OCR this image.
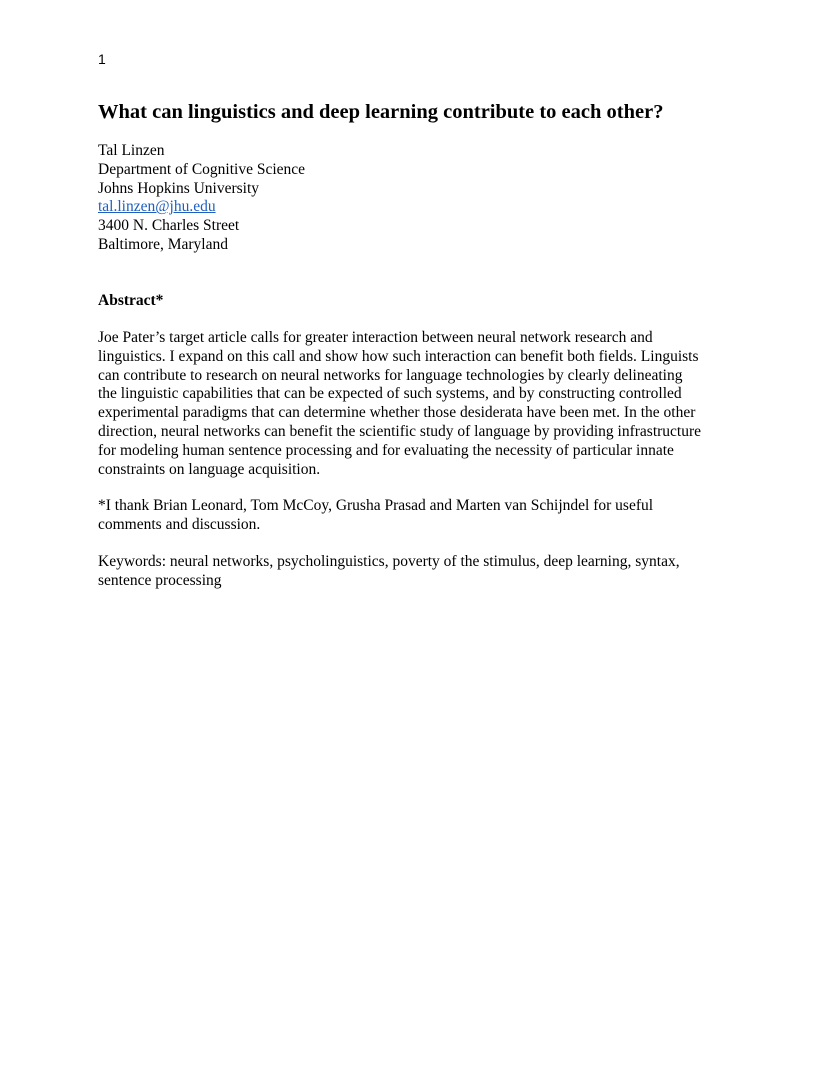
1
What can linguistics and deep learning contribute to each other?
Tal Linzen
Department of Cognitive Science
Johns Hopkins University
tal.linzen@jhu.edu
3400 N. Charles Street
Baltimore, Maryland
Abstract*

Joe Pater’s target article calls for greater interaction between neural network research and
linguistics. I expand on this call and show how such interaction can benefit both fields. Linguists
can contribute to research on neural networks for language technologies by clearly delineating
the linguistic capabilities that can be expected of such systems, and by constructing controlled
experimental paradigms that can determine whether those desiderata have been met. In the other
direction, neural networks can benefit the scientific study of language by providing infrastructure
for modeling human sentence processing and for evaluating the necessity of particular innate
constraints on language acquisition.

*I thank Brian Leonard, Tom McCoy, Grusha Prasad and Marten van Schijndel for useful
comments and discussion.

Keywords: neural networks, psycholinguistics, poverty of the stimulus, deep learning, syntax,
sentence processing
